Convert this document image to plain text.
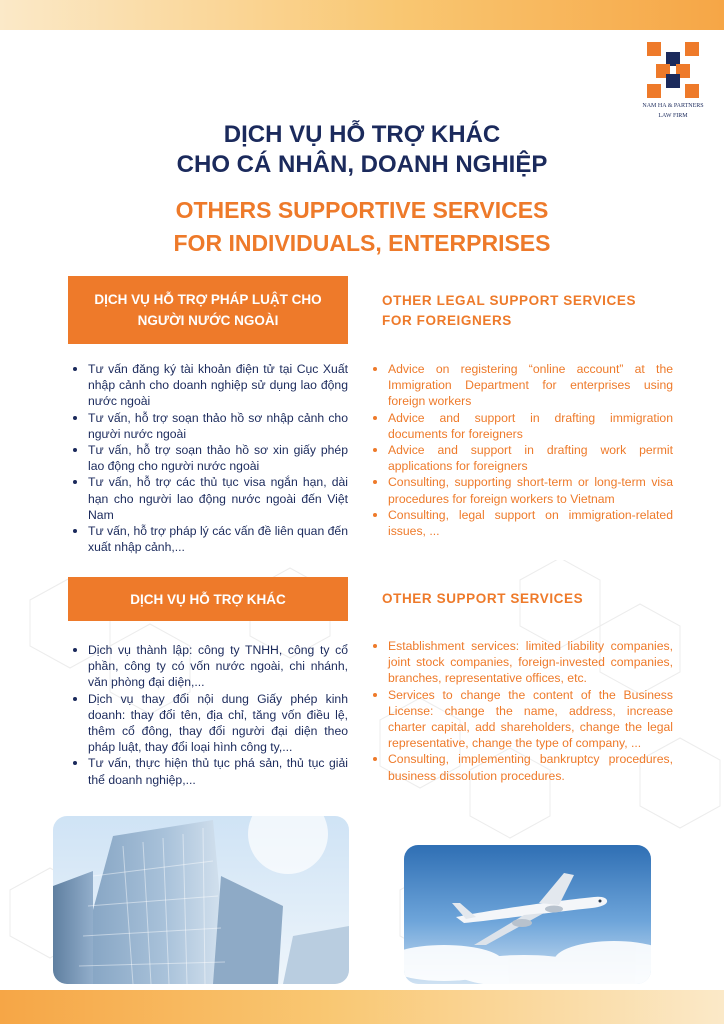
NAM HA & PARTNERS
LAW FIRM
DỊCH VỤ HỖ TRỢ KHÁC
CHO CÁ NHÂN, DOANH NGHIỆP
OTHERS SUPPORTIVE SERVICES
FOR INDIVIDUALS, ENTERPRISES
DỊCH VỤ HỖ TRỢ PHÁP LUẬT CHO
NGƯỜI NƯỚC NGOÀI
OTHER LEGAL SUPPORT SERVICES
FOR FOREIGNERS
Tư vấn đăng ký tài khoản điện tử tại Cục Xuất nhập cảnh cho doanh nghiệp sử dụng lao động nước ngoài
Tư vấn, hỗ trợ soạn thảo hồ sơ nhập cảnh cho người nước ngoài
Tư vấn, hỗ trợ soạn thảo hồ sơ xin giấy phép lao động cho người nước ngoài
Tư vấn, hỗ trợ các thủ tục visa ngắn hạn, dài hạn cho người lao động nước ngoài đến Việt Nam
Tư vấn, hỗ trợ pháp lý các vấn đề liên quan đến xuất nhập cảnh,...
Advice on registering “online account” at the Immigration Department for enterprises using foreign workers
Advice and support in drafting immigration documents for foreigners
Advice and support in drafting work permit applications for foreigners
Consulting, supporting short-term or long-term visa procedures for foreign workers to Vietnam
Consulting, legal support on immigration-related issues, ...
DỊCH VỤ HỖ TRỢ KHÁC	OTHER SUPPORT SERVICES
Dịch vụ thành lập: công ty TNHH, công ty cổ phần, công ty có vốn nước ngoài, chi nhánh, văn phòng đại diện,...
Dịch vụ thay đổi nội dung Giấy phép kinh doanh: thay đổi tên, địa chỉ, tăng vốn điều lệ, thêm cổ đông, thay đổi người đại diện theo pháp luật, thay đổi loại hình công ty,...
Tư vấn, thực hiện thủ tục phá sản, thủ tục giải thể doanh nghiệp,...
Establishment services: limited liability companies, joint stock companies, foreign-invested companies, branches, representative offices, etc.
Services to change the content of the Business License: change the name, address, increase charter capital, add shareholders, change the legal representative, change the type of company, ...
Consulting, implementing bankruptcy procedures, business dissolution procedures.
